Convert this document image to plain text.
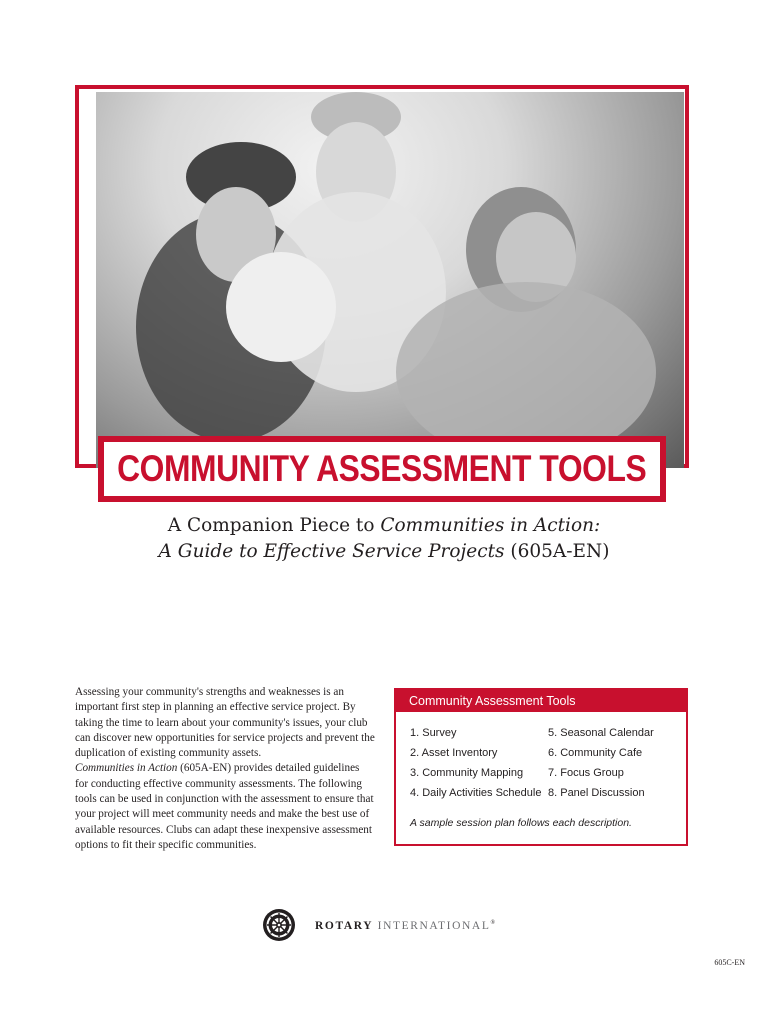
COMMUNITY ASSESSMENT TOOLS
A Companion Piece to Communities in Action:
A Guide to Effective Service Projects (605A-EN)

Assessing your community's strengths and weaknesses is an important first step in planning an effective service project. By taking the time to learn about your community's issues, your club can discover new opportunities for service projects and prevent the duplication of existing community assets.

Communities in Action (605A-EN) provides detailed guidelines for conducting effective community assessments. The following tools can be used in conjunction with the assessment to ensure that your project will meet community needs and make the best use of available resources. Clubs can adapt these inexpensive assessment options to fit their specific communities.

Community Assessment Tools
1. Survey	5. Seasonal Calendar
2. Asset Inventory	6. Community Cafe
3. Community Mapping	7. Focus Group
4. Daily Activities Schedule 8. Panel Discussion
A sample session plan follows each description.
ROTARY INTERNATIONAL®
605C-EN
